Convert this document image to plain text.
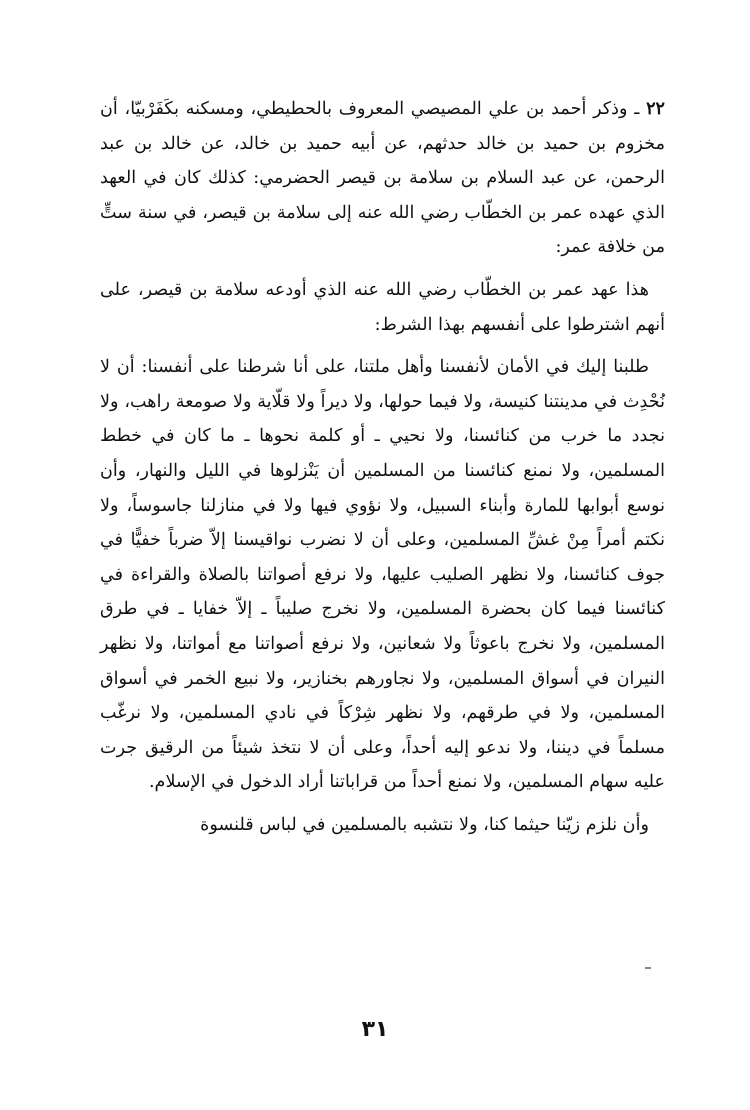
٢٢ ـ وذكر أحمد بن علي المصيصي المعروف بالحطيطي، ومسكنه بكَفَرْبيّا، أن مخزوم بن حميد بن خالد حدثهم، عن أبيه حميد بن خالد، عن خالد بن عبد الرحمن، عن عبد السلام بن سلامة بن قيصر الحضرمي: كذلك كان في العهد الذي عهده عمر بن الخطّاب رضي الله عنه إلى سلامة بن قيصر، في سنة ستٍّ من خلافة عمر:

هذا عهد عمر بن الخطّاب رضي الله عنه الذي أودعه سلامة بن قيصر، على أنهم اشترطوا على أنفسهم بهذا الشرط:

طلبنا إليك في الأمان لأنفسنا وأهل ملتنا، على أنا شرطنا على أنفسنا: أن لا نُحْدِث في مدينتنا كنيسة، ولا فيما حولها، ولا ديراً ولا قلّاية ولا صومعة راهب، ولا نجدد ما خرب من كنائسنا، ولا نحيي ـ أو كلمة نحوها ـ ما كان في خطط المسلمين، ولا نمنع كنائسنا من المسلمين أن يَنْزلوها في الليل والنهار، وأن نوسع أبوابها للمارة وأبناء السبيل، ولا نؤوي فيها ولا في منازلنا جاسوساً، ولا نكتم أمراً مِنْ غشِّ المسلمين، وعلى أن لا نضرب نواقيسنا إلاّ ضرباً خفيًّا في جوف كنائسنا، ولا نظهر الصليب عليها، ولا نرفع أصواتنا بالصلاة والقراءة في كنائسنا فيما كان بحضرة المسلمين، ولا نخرج صليباً ـ إلاّ خفايا ـ في طرق المسلمين، ولا نخرج باعوثاً ولا شعانين، ولا نرفع أصواتنا مع أمواتنا، ولا نظهر النيران في أسواق المسلمين، ولا نجاورهم بخنازير، ولا نبيع الخمر في أسواق المسلمين، ولا في طرقهم، ولا نظهر شِرْكاً في نادي المسلمين، ولا نرغّب مسلماً في ديننا، ولا ندعو إليه أحداً، وعلى أن لا نتخذ شيئاً من الرقيق جرت عليه سهام المسلمين، ولا نمنع أحداً من قراباتنا أراد الدخول في الإسلام.

وأن نلزم زيّنا حيثما كنا، ولا نتشبه بالمسلمين في لباس قلنسوة

٣١
